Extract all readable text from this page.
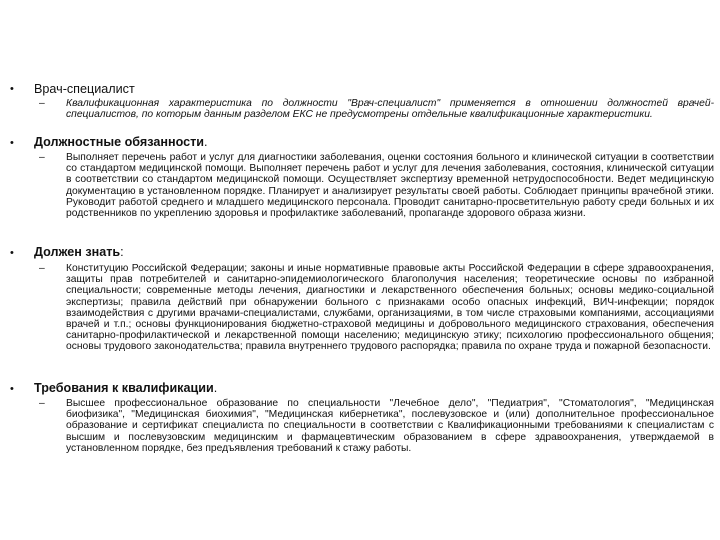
•	Врач-специалист
–	Квалификационная характеристика по должности "Врач-специалист" применяется в отношении должностей врачей-специалистов, по которым данным разделом ЕКС не предусмотрены отдельные квалификационные характеристики.
•	Должностные обязанности.
–	Выполняет перечень работ и услуг для диагностики заболевания, оценки состояния больного и клинической ситуации в соответствии со стандартом медицинской помощи. Выполняет перечень работ и услуг для лечения заболевания, состояния, клинической ситуации в соответствии со стандартом медицинской помощи. Осуществляет экспертизу временной нетрудоспособности. Ведет медицинскую документацию в установленном порядке. Планирует и анализирует результаты своей работы. Соблюдает принципы врачебной этики. Руководит работой среднего и младшего медицинского персонала. Проводит санитарно-просветительную работу среди больных и их родственников по укреплению здоровья и профилактике заболеваний, пропаганде здорового образа жизни.
•	Должен знать:
–	Конституцию Российской Федерации; законы и иные нормативные правовые акты Российской Федерации в сфере здравоохранения, защиты прав потребителей и санитарно-эпидемиологического благополучия населения; теоретические основы по избранной специальности; современные методы лечения, диагностики и лекарственного обеспечения больных; основы медико-социальной экспертизы; правила действий при обнаружении больного с признаками особо опасных инфекций, ВИЧ-инфекции; порядок взаимодействия с другими врачами-специалистами, службами, организациями, в том числе страховыми компаниями, ассоциациями врачей и т.п.; основы функционирования бюджетно-страховой медицины и добровольного медицинского страхования, обеспечения санитарно-профилактической и лекарственной помощи населению; медицинскую этику; психологию профессионального общения; основы трудового законодательства; правила внутреннего трудового распорядка; правила по охране труда и пожарной безопасности.
•	Требования к квалификации.
–	Высшее профессиональное образование по специальности "Лечебное дело", "Педиатрия", "Стоматология", "Медицинская биофизика", "Медицинская биохимия", "Медицинская кибернетика", послевузовское и (или) дополнительное профессиональное образование и сертификат специалиста по специальности в соответствии с Квалификационными требованиями к специалистам с высшим и послевузовским медицинским и фармацевтическим образованием в сфере здравоохранения, утверждаемой в установленном порядке, без предъявления требований к стажу работы.
